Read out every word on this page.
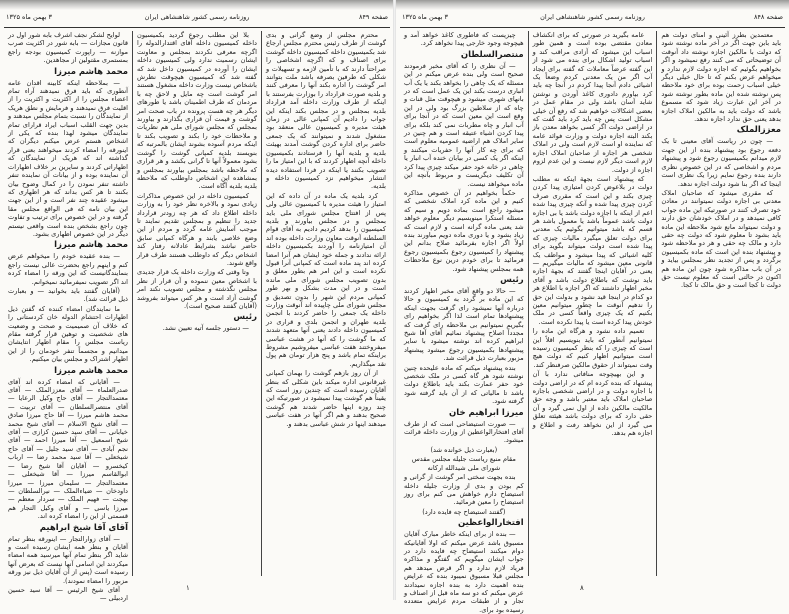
صفحه ۸۴۹
روزنامه رسمی کشور شاهنشاهی ایران
۳ بهمن ماه ۱۳۲۵

محترم مجلس از وضع گرانی و بدی گوشت از طرف رئیس محترم مجلس ارجاع شد بکمیسیون داخله کمیسیون داخله گوشت برای اصناف و که اگرچه اشخاصی را صراحتاً دارند که با تأمین لازمه و تسهیلات و شکلی که طرفین بصرفه باشد ملت بتوانند امر گوشت را اداره بکند آنها را معرفی کنند و بلدیه صورت قرارداد را بوزارت بفرستند با اینکه از طرف وزارت داخله آمد قرارداد بلدیه بمجلس و در مجلس بکند اینکه این جواب را دادیم آن کمپانی عالی در زمان هیئت مدیره و کمیسیون عالی منعقد بود مشغول شدند و نمیتوانند که یک جمعی حاضر برای اداره کردن گوشت آمدند بهیئت بلدیه و بلدیه آنها را فرستادند بکمیسیون داخله آنچه اظهار کردند که با این امتیاز ما را تصویب بکنند یا اینکه در فردا استفاده دیده انتشار میخواهیم نزد کمیسیون داخله و بلدیه.

کرد بلدیه یک ماده در آن داده که این امتیاز را هیئت مدیره با کمیسیون عالی ولی پس از افتتاح مجلس شورای ملی باید بمجلس و در مجلس بیاورند و بلدیه کمیسیون را بدهد کردیم دادیم به آقای قوام السلطنه آنوقت معاون وزارت داخله بوده اند آن امتیازنامه را آوردند بکمیسیون داخله ارائه ندادند و جمله خود ایشان هم آنرا امضا کرده اند پند ماده است که کمپانی آنرا قبول نکرده است و این امر هم بطور معلق و بدون تصویب مجلس شورای ملی مانده است و در این مدت بشکل و بهر طور کمپانی مردم این شهر را بدون تصدیق و مجلس شورای ملی چاپیده اند آنوقت وزارت داخله یک جمعی را حاضر کردند با انجمن بلدیه طهران و انجمن بلدی و قراری در کمیسیون داخله دادند یعنی آنها متعهد شدند که ما گوشت را که آنها در هشت عباسی میفروختند هفت عباسی میفروشیم مشروط براینکه تمام باشد و پنج هزار تومان هم پول نقد میگذاریم.

از آن روز بازهم گوشت را بهمان کمپانی غیرقانونی اداره میکند باین شکلی که بنظر آقایان رسیده است که چندین روز است که یقیناً هم گوشت پیدا نمیشود در صورتیکه این چند روزه اینها حاضر شدند هم گوشت صحیح بدهند و هم اگر آنها در هفت عباسی میدهند اینها در شش عباسی بدهند و.

بلا این مطلب رجوع گردید بکمیسیون داخله کمیسیون داخله آقای اقتدارالدوله را اگرچه معرفی نکردند بمجلس و معاونت ایشان رسمیت ندارد ولی کمیسیون داخله ایشان را آورده در کمیسیون داخل شد که گفته شد که کمیسیون هیچوقت نظرش باشخاص نیست وزارت داخله مشغول هستند امر گوشت است چه مایل و لاحق چه با مردمان که طرف اطمینان باشد یا طورهای دیگر هر چه هست پرونده در باب صحت امر گوشت و قیمت آن قراری بگذارند و بیاورند بمجلس که مجلس شورای ملی هم نظریات و ملاحظات خود را بکند و تصویب بکند تا اینکه مردم آسوده بشوند ایشان بالمرتبه که بنویسند بلدیه کمپانی گوشت را گوشت بشود معمولاً آنها تا گرانی بکشد و هر قراری که ملاحظه باشد بمجلس بیاورند بمجلس و بمشاهده این اشخاص داوطلب که ملاحظه بلدیه بلدیه آگاه است.

کمیسیون داخله در این خصوص مذاکرات زیادی نمود و بالاخره نظر خود را به وزارت داخله اطلاع داد که هر چه زودتر قرارداد جدید را تنظیم و بمجلس تقدیم نمایند تا موجب آسایش عامه گردد و مردم از این وضع خلاصی یابند و هرگاه کمپانی سابق حاضر نباشد بشرایط عادلانه رفتار کند اشخاص دیگر که داوطلب هستند طرف قرار واقع شوند.

وتا وقتی که وزارت داخله یک قرار جدیدی با اشخاص معین ننموده و آن قرار از نظر مجلس نگذشته و مجلس تصویب نکند امر گوشت آزاد است و هر کس میتواند بفروشد (آقایان گفتند صحیح است).

رئیس

— دستور جلسه آتیه تعیین نشد.

لوایح لشکر نجف اشرف بابه شور اول در قانون مجازات — بابه شور در اکثریت صرب موازنه — راپورت کمیسیون بودجه راجع بمستمری مقتولین از مجاهدین.

محمد هاشم میرزا

— بملاحظه اینکه کابینه اقدان عامه آنطوری که باید فرق نمیدهند آراء تمام اعضاء مجلس را از اکثریت و اکثریت را از اقلیت فرق نمیدهند و فرمایش و نطق هریک از نمایندگان را نسبت بتمام مجلس میدهند و بدین جهت القلب اسباب ایراد قرارای تمام نمایندگان میشود لهذا بنده که یکی از اشخاص هستم عرض میکنم دیگران که اینورقه را امضاء کردند میخواهند بعنی قرار گذاشته اند که هریک از نمایندگان که اظهاراتی کردند و سایرین بر خلاف اظهارات آن نماینده بوده و از بیانات آن نماینده تنفر داشته تنفر نمودن را در کمال وضوح بیان بکنند تا هر کس بداند که هر اظهاری که میشود عقیده چند نفر است و از این جهت این بیان نامه که فی الواقع مجلس مقا گرفته و در این خصوص برای ترتیب و تفاوت چون راجع بشخص بنده است واقعی نیستم دیگر در این خصوص اظهاری بشود.

محمد هاشم میرزا

— بنده عقیده خودم را میخواهم عرض کنم و اینهم راجع بحضرت عالی نیست راجع بنمایندگانیست که این ورقه را امضاء کرده اند اگر تصویب نمیفرمائید نمیخوانم.

(آقایان گفتند باید بخوانید — و بعبارت ذیل قرائت شد).

ما نمایندگان امضاء کننده که گفتن ذیل اظهارات احتشام الدوله خان کردستانی را که خلاف آن صمیمیت و صحت و وضعیت های شخصیت و توهین قرار گرفته مقام ریاست مجلس را مقام اظهار انتایشان میدانیم و مجسماً تنفر خودمان را از این اظهار اشتراک و مجلس بیان میکنیم.

محمد هاشم میرزا

— آقایانی که امضاء کرده اند آقای صدرالعلماء — آقای معززالملک — آقای معتمدالتجار — آقای حاج وکیل الرعایا — آقای منتصرالسلطان — آقای تربیت — محمد هاشم میرزا — آقا حاج میرزا صادق — آقای شیخ الاسلام — آقای شیخ محمد خیابانی — آقای سید حسین کزازی — آقای شیخ اسمعیل — آقا میرزا احمد — آقای نجم آبادی — آقای سید جلیل — آقای حاج شیخعلی — آقا سید محمد رضا — ارباب کیخسرو — آقایان آقا شیخ رضا — ابوالقاسم میرزا — آقا شیخعلی — معتمدالتجار — سلیمان میرزا — میرزا داودخان — ضیاءالملک — نیرالسلطان — بهجت — فهیم الملک — سردار معظم — میرزا یاسی — و آقای وکیل التجار هم قسمتی از این را امضاء کرده اند.

آقای آقا شیخ ابراهیم

— آقای زوارالتجار — اینورقه بنظر تمام آقایان و بنظر همه ایشان رسیده است و شاید اگر بنظر تمام آنها میرسید همه امضاء میکردند این اسامی آنها نیست که بعرض آنها رسیده است (پس از آن آقایان ذیل نیز ورقه مزبور را امضاء نمودند).

آقای شیخ الرئیس — آقا سید حسین اردبیلی —

۱
صفحه ۸۴۸
روزنامه رسمی کشور شاهنشاهی ایران
۳ بهمن ماه ۱۳۲۵

معتمدین بطرز آئینی و امنای دولت هم باید بابن جهت اگر در آخر ماده نوشته شود که دولت با مالکین اجازه نوشته داد آنوقت آن توضیحاتی که می کنند رفع نمیشود و اگر بخواهیم بگوئیم که اجازه دولت لازم ندارد و میخواهم عرض بکنم که تا حال خیلی دیگر خیلی اسباب زحمت بوده برای خود ملاحظه پس نوشته شده این ماده بطور نوشته شود در آخر این عبارت زیاد شود که مسموع باشد که دولت باید به مالکین املاک اجازه بدهد یعنی حق ندارد اجازه ندهد.

معززالملک

— چون در ریاست آقای معینی تا یک دفعه رجوع بود پیشنهاد بنده از این جهت لازم میدانم بکمیسیون رجوع شود و پیشنهاد مردم و اشخاصی که در این خصوص نظری دارند بنده رجوع نمایم زیرا یک نظری است اینجا که اگر بنا شود دولت اجازه ندهد.

که مقرری میشود که صاحبان املاک معدنی بی اجازه دولت نمیتوانند در معادن خود تصرف کنند در صورتیکه این ماده جواب کافی نمیدهد و در املاک خودشان حق دارند و دولت نمیتواند مانع شود ملاحظه این ماده باید بشود تا معلوم شود که دولت چه حقی دارد و مالک چه حقی و هر دو ملاحظه شود و پیشنهاد بنده این است که ماده بکمیسیون برگردد و پس از تجدید نظر بمجلس بیاید و در آن باب مذاکره شود چون این ماده هم اکنون در حالتی است که معلوم نیست حق دولت تا کجا است و حق مالک تا کجا.

عامه بگیرید در صورتی که برای انکشاف معادن مقتضی بوده است و همین طور اسباب این میشود که آزادی مراقب کند و اسباب تولید اشکال برای بنده می شود از این گفته عرضاً معاملات که گفته برای ایجاد آب اگر من یک معدنی کردم وضعاً یک اشیائی دادم آنجا پیدا کردم در آنجا چه باید کرد بیاورم دادوری کاغذ آوردن و نوشتن شاید آسان باشد ولی در مقام عمل در بعضی اشکالات خواهیم شد که رفع آن خیلی مشکل است پس چه باید کرد باید گفت که در اراضی دولت اگر کسی بخواهد معدن باز بکند البته اجازه دولت و وزارت فوائد عامه که نماینده او است لازم است ولی در املاک شخصی هر اجازه از صاحبان املاک اجازه لازم است دیگر لازم نیست و این عدم لزوم اجازه از دولت.

که پیشنهاد است بجهة اینکه نه مطلب دولت در بلاعوض کردن امتیازی پیدا کردن چیزی بکند و این است که مقرری صرف کردن چیزی پیدا شده و آنکه چیزی پیدا شده اعم از اینکه با اجازه دولت باشد یا بی اجازه دولت باشد عموماً باشد یا معمول باشد هر قسم که باشد میتوانیم بگوئیم یک معدنی برای دولت تعلق میگیرد مالیات چیزی که پیدا شده است دولت میتواند بگوید برای کلیه اشیائی که پیدا میشود و مواظف یک قانونی معین میشود که مالیات میگیریم — یعنی در آقایان اینجا گفتند که بجهة اجازه باید نوشت که باطلاع دولت باشد و آقای مخبر اظهار داشتند که اگر اجازه با اطلاع هر دو کدام در اینجا قید نشود و بدولت این حق را ندهیم آنوقت ما چطور میتوانیم معین بکنیم که یک چیزی واقعاً کسی در ملک خودش پیدا کرده است یا پیدا نکرده است.

تعمیم داده نشود و هرگاه این ماده را نمیتوانیم آنطور که باید بنویسیم اقلاً این است که چیزی را که بنظر کمیسیون رسیده است میتوانیم اظهار کنیم که دولت هیچ وقت نمیتواند از حقوق مالکین صرفنظر کند.

و این بهیچوجه منافاتی ندارد با آن پیشنهاد که بنده کرده ام که در اراضی دولت با اجازه دولت و در اراضی شخصی باجازه صاحبان املاک باید معتبر باشد و وجه حق مالکیت مالکین داده از اول نمی گیرد و آن حقی دارد که برای دولت باشد هیئته تعلق می گیرد از این نخواهد رفت و اطلاع و اجازه هم بدهد.

چیزیست که فاطوری کاغذ خواهد آمد و هیچوجه وجود خارجی پیدا نخواهد کرد.

منتصرالسلطان

— آن نظری را که آقای مخبر فرمودند صحیح است ولی بنده عرض میکنم در این مسئله که یک چاهی را بخواهد بکند یا یک آب انباری درست بکند این یک عمل است که در بانهای شهری میشود و هیچوقت مثل قنات و چاه که از سلاطین بزرگ بود ولی در این وقع است این معین است که در آنجا برای آب انبار و چاه مطربات نمی کند بلکه برای پیدا کردن اشیاء عتیقه است و هم چنین در سایر املاک هم اراضیه عمومیه معلوم است که برای چه کار آنها را حفریات میکنند و اینکه اگر یک کسی در بیابان خنده آب انبار یا چاهی در خانه خود حفر میکند چیزی پیدا کرد آن تکلیف دیگریست و مربوط بآنچه این ماده میخواهد نیست.

حکماً بخواهیم در آن خصوص مذاکره کنیم و این ماده کرد املاک شخصی که میشود راجع است بماده دویم و سیم که مسئله استکرا مینویسیم دیگر معلوم خواهد شد یعنی ماده گرانه است و لازم است که زیاد بشود و یا دوری ماده دویم مباورند بنده اولاً اگر اجازه بفرمائید صلاح بدانم این پیشنهاد را کمیسیون رجوع بکمیسیون رجوع فرمائید تا برای خودم درین نوع ملاحظات همه بمجلس پیشنهاد شود.

رئیس

— حالا دو واقع آقای مخبر اظهار کردند که این ماده بر گردد به کمیسیون و حالا درباره آنها نمیشود رای گرفت بجهت اینکه پیشنهادها تمام است لذا اگر بخواهیم رای بگیریم نمیتوانیم بی ملاحظه رای گرفت که مجدداً اصلاح پیشنهاد نمائیم آقای آقا شیخ ابراهیم کرده اند نوشته میشود با سایر پیشنهادها بکمیسیون رجوع میشود پیشنهاد مزبور بعبارت ذیل قرائت شد.

بنده پیشنهاد میکنم که ماده علیحده چنین نوشته شود هر گاه کسی در ملک شخصی خود حفر عمارت بکند باید باطلاع دولت باشد تا مالیاتی که از آن باید گرفته شود گرفته شود.

میرزا ابراهیم خان

— صورت استیضاحی است که از طرف آقای افتخارالواعظین از وزارت داخله قرائت میشود.

(بعبارت ذیل خوانده شد)

مقام منیع ریاست جلیله مجلس مقدس شورای ملی شیدالله ارکانه

بنده بجهت سختی امر گوشت از گرانی و کم بودن و بدی از وزارت جلیله داخله استیضاح دارم خواهش می کنم برای روز استیضاح را معین فرمائید.

(گفتند استیضاح چه فایده دارد)

افتخارالواعظین

— بنده از برای اینکه خاطر مبارک آقایان مسبوق باشد عرض میکنم که اولا آقایانیکه دوام میکنند استیضاح چه فایده دارد در جواب ایشان میگویم که گفتگو و مذاکره فریاد لازم ندارد و اگر قرض میدهد هم مجلس قبلا مسبوق نمیبود بنده که عرایض بنده اهمیت دارد به بنده اجازه نمیدادند عرض میکنم که دو سه ماه قبل از اصناف و تجار و از طبقات مردم عرایض متعدده رسیده بود برای.

۸
